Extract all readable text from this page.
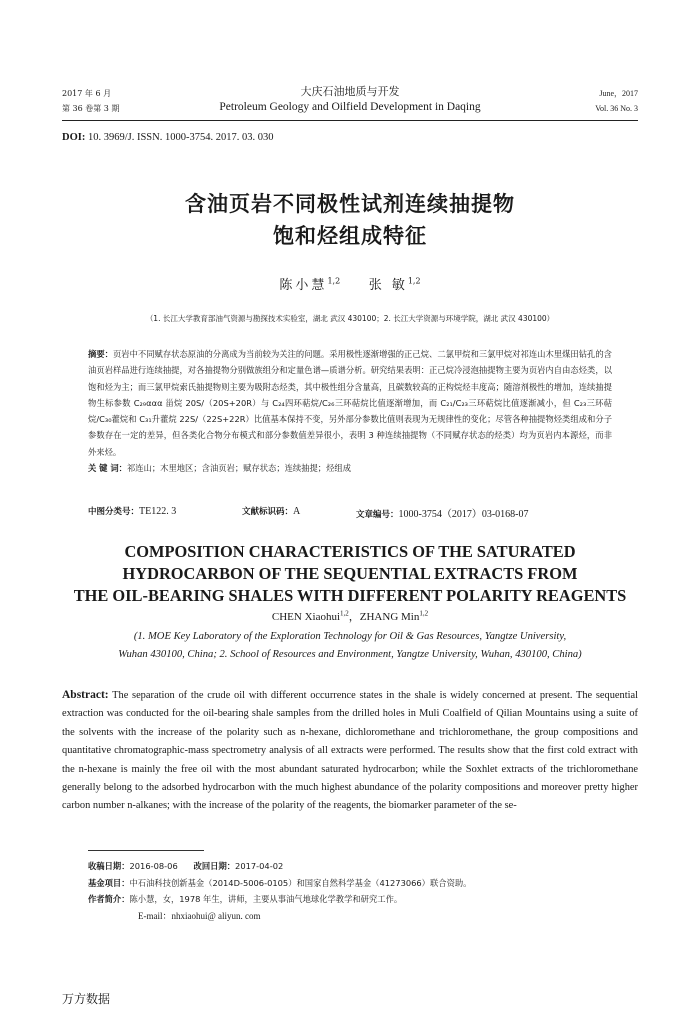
2017 年 6 月
第 36 卷第 3 期
大庆石油地质与开发
Petroleum Geology and Oilfield Development in Daqing
June，2017
Vol. 36 No. 3
DOI: 10. 3969/J. ISSN. 1000-3754. 2017. 03. 030
含油页岩不同极性试剂连续抽提物
饱和烃组成特征
陈小慧$^{1,2}$ 张 敏$^{1,2}$
（1. 长江大学教育部油气资源与勘探技术实验室，湖北 武汉 430100；2. 长江大学资源与环境学院，湖北 武汉 430100）
摘要：页岩中不同赋存状态原油的分离成为当前较为关注的问题。采用极性逐渐增强的正己烷、二氯甲烷和三氯甲烷对祁连山木里煤田钻孔的含油页岩样品进行连续抽提，对各抽提物分别做族组分和定量色谱—质谱分析。研究结果表明：正己烷冷浸泡抽提物主要为页岩内自由态烃类，以饱和烃为主；而三氯甲烷索氏抽提物则主要为吸附态烃类，其中极性组分含量高，且碳数较高的正构烷烃丰度高；随溶剂极性的增加，连续抽提物生标参数 C₂₉ααα 甾烷 20S/（20S+20R）与 C₂₄四环萜烷/C₂₆三环萜烷比值逐渐增加，而 C₂₁/C₂₃三环萜烷比值逐渐减小，但 C₂₃三环萜烷/C₃₀藿烷和 C₃₁升藿烷 22S/（22S+22R）比值基本保持不变，另外部分参数比值则表现为无规律性的变化；尽管各种抽提物烃类组成和分子参数存在一定的差异，但各类化合物分布模式和部分参数值差异很小，表明 3 种连续抽提物（不同赋存状态的烃类）均为页岩内本源烃，而非外来烃。
关 键 词：祁连山；木里地区；含油页岩；赋存状态；连续抽提；烃组成
中图分类号：TE122. 3	文献标识码：A	文章编号：1000-3754（2017）03-0168-07
COMPOSITION CHARACTERISTICS OF THE SATURATED
HYDROCARBON OF THE SEQUENTIAL EXTRACTS FROM
THE OIL-BEARING SHALES WITH DIFFERENT POLARITY REAGENTS
CHEN Xiaohui$^{1,2}$，ZHANG Min$^{1,2}$
(1. MOE Key Laboratory of the Exploration Technology for Oil & Gas Resources, Yangtze University,
Wuhan 430100, China; 2. School of Resources and Environment, Yangtze University, Wuhan, 430100, China)
Abstract: The separation of the crude oil with different occurrence states in the shale is widely concerned at present. The sequential extraction was conducted for the oil-bearing shale samples from the drilled holes in Muli Coalfield of Qilian Mountains using a suite of the solvents with the increase of the polarity such as n-hexane, dichloromethane and trichloromethane, the group compositions and quantitative chromatographic-mass spectrometry analysis of all extracts were performed. The results show that the first cold extract with the n-hexane is mainly the free oil with the most abundant saturated hydrocarbon; while the Soxhlet extracts of the trichloromethane generally belong to the adsorbed hydrocarbon with the much highest abundance of the polarity compositions and moreover pretty higher carbon number n-alkanes; with the increase of the polarity of the reagents, the biomarker parameter of the se-
收稿日期：2016-08-06 改回日期：2017-04-02
基金项目：中石油科技创新基金（2014D-5006-0105）和国家自然科学基金（41273066）联合资助。
作者简介：陈小慧，女，1978 年生，讲师，主要从事油气地球化学教学和研究工作。
E-mail：nhxiaohui@ aliyun. com
万方数据
